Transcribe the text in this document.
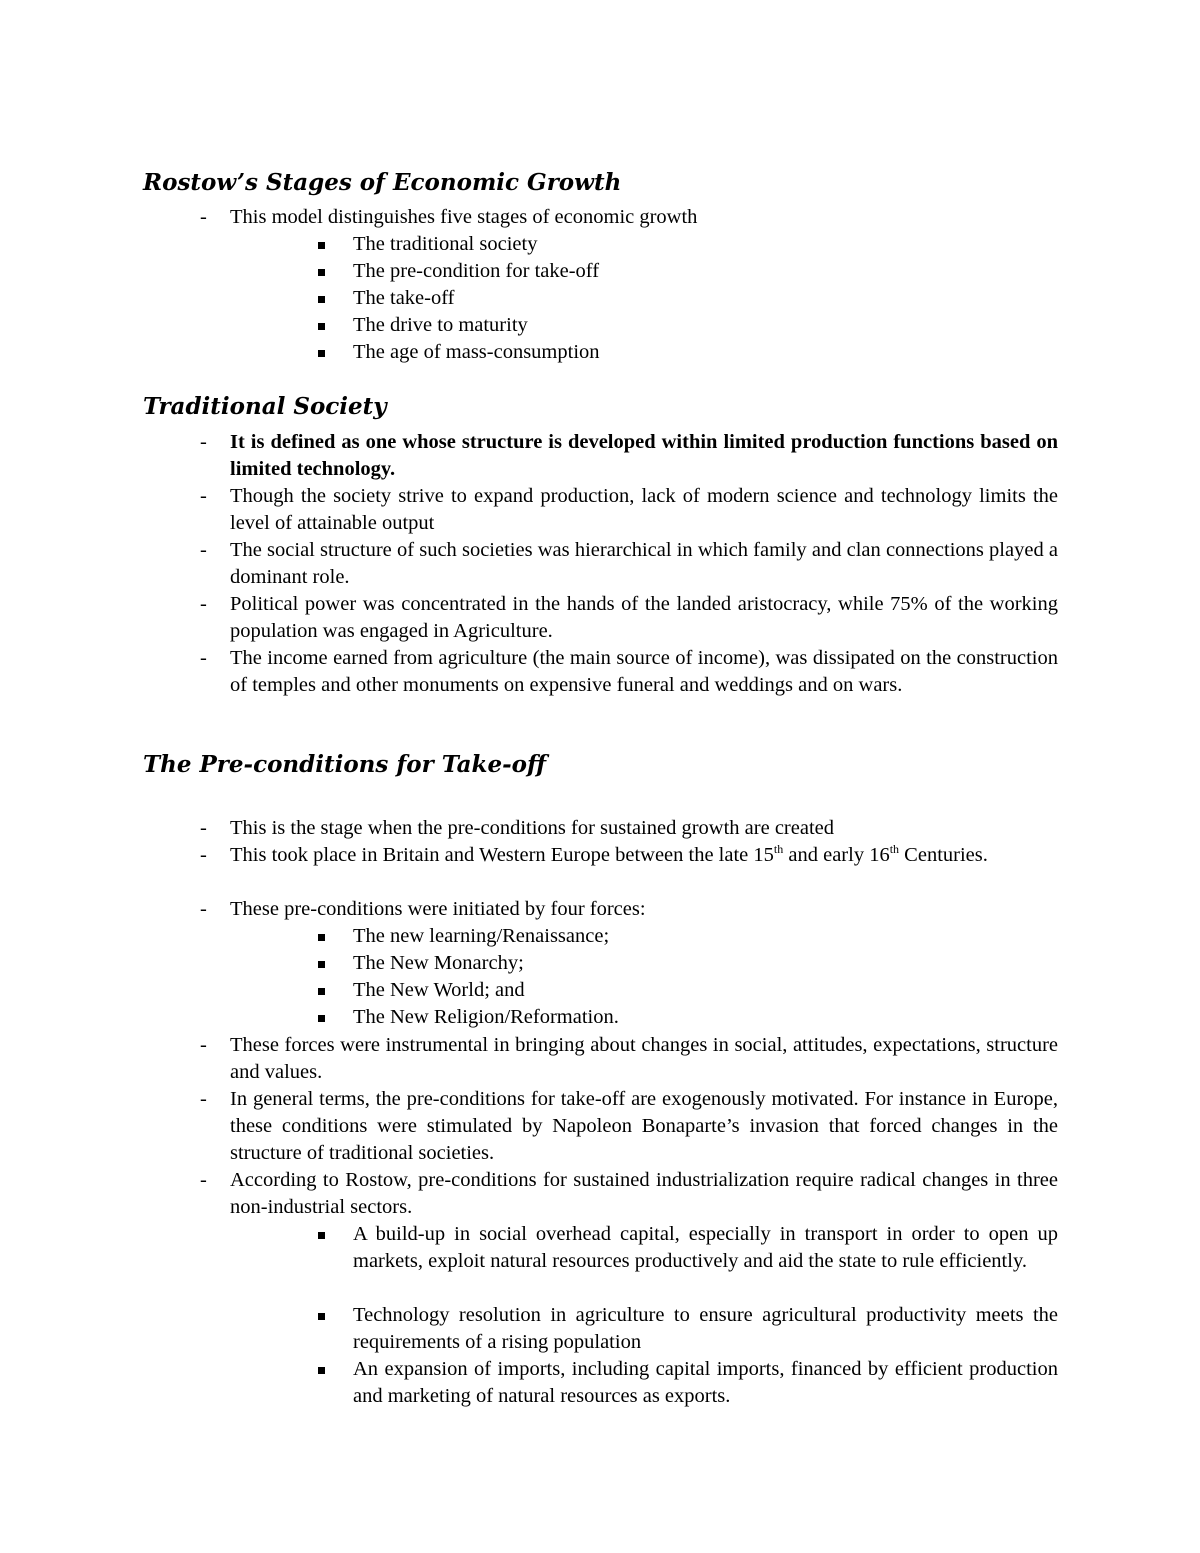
Rostow’s Stages of Economic Growth
-	This model distinguishes five stages of economic growth
The traditional society
The pre-condition for take-off
The take-off
The drive to maturity
The age of mass-consumption
Traditional Society
-	It is defined as one whose structure is developed within limited production functions based on limited technology.
-	Though the society strive to expand production, lack of modern science and technology limits the level of attainable output
-	The social structure of such societies was hierarchical in which family and clan connections played a dominant role.
-	Political power was concentrated in the hands of the landed aristocracy, while 75% of the working population was engaged in Agriculture.
-	The income earned from agriculture (the main source of income), was dissipated on the construction of temples and other monuments on expensive funeral and weddings and on wars.
The Pre-conditions for Take-off
-	This is the stage when the pre-conditions for sustained growth are created
-	This took place in Britain and Western Europe between the late 15th and early 16th Centuries.
-	These pre-conditions were initiated by four forces:
The new learning/Renaissance;
The New Monarchy;
The New World; and
The New Religion/Reformation.
-	These forces were instrumental in bringing about changes in social, attitudes, expectations, structure and values.
-	In general terms, the pre-conditions for take-off are exogenously motivated. For instance in Europe, these conditions were stimulated by Napoleon Bonaparte’s invasion that forced changes in the structure of traditional societies.
-	According to Rostow, pre-conditions for sustained industrialization require radical changes in three non-industrial sectors.
A build-up in social overhead capital, especially in transport in order to open up markets, exploit natural resources productively and aid the state to rule efficiently.
Technology resolution in agriculture to ensure agricultural productivity meets the requirements of a rising population
An expansion of imports, including capital imports, financed by efficient production and marketing of natural resources as exports.
